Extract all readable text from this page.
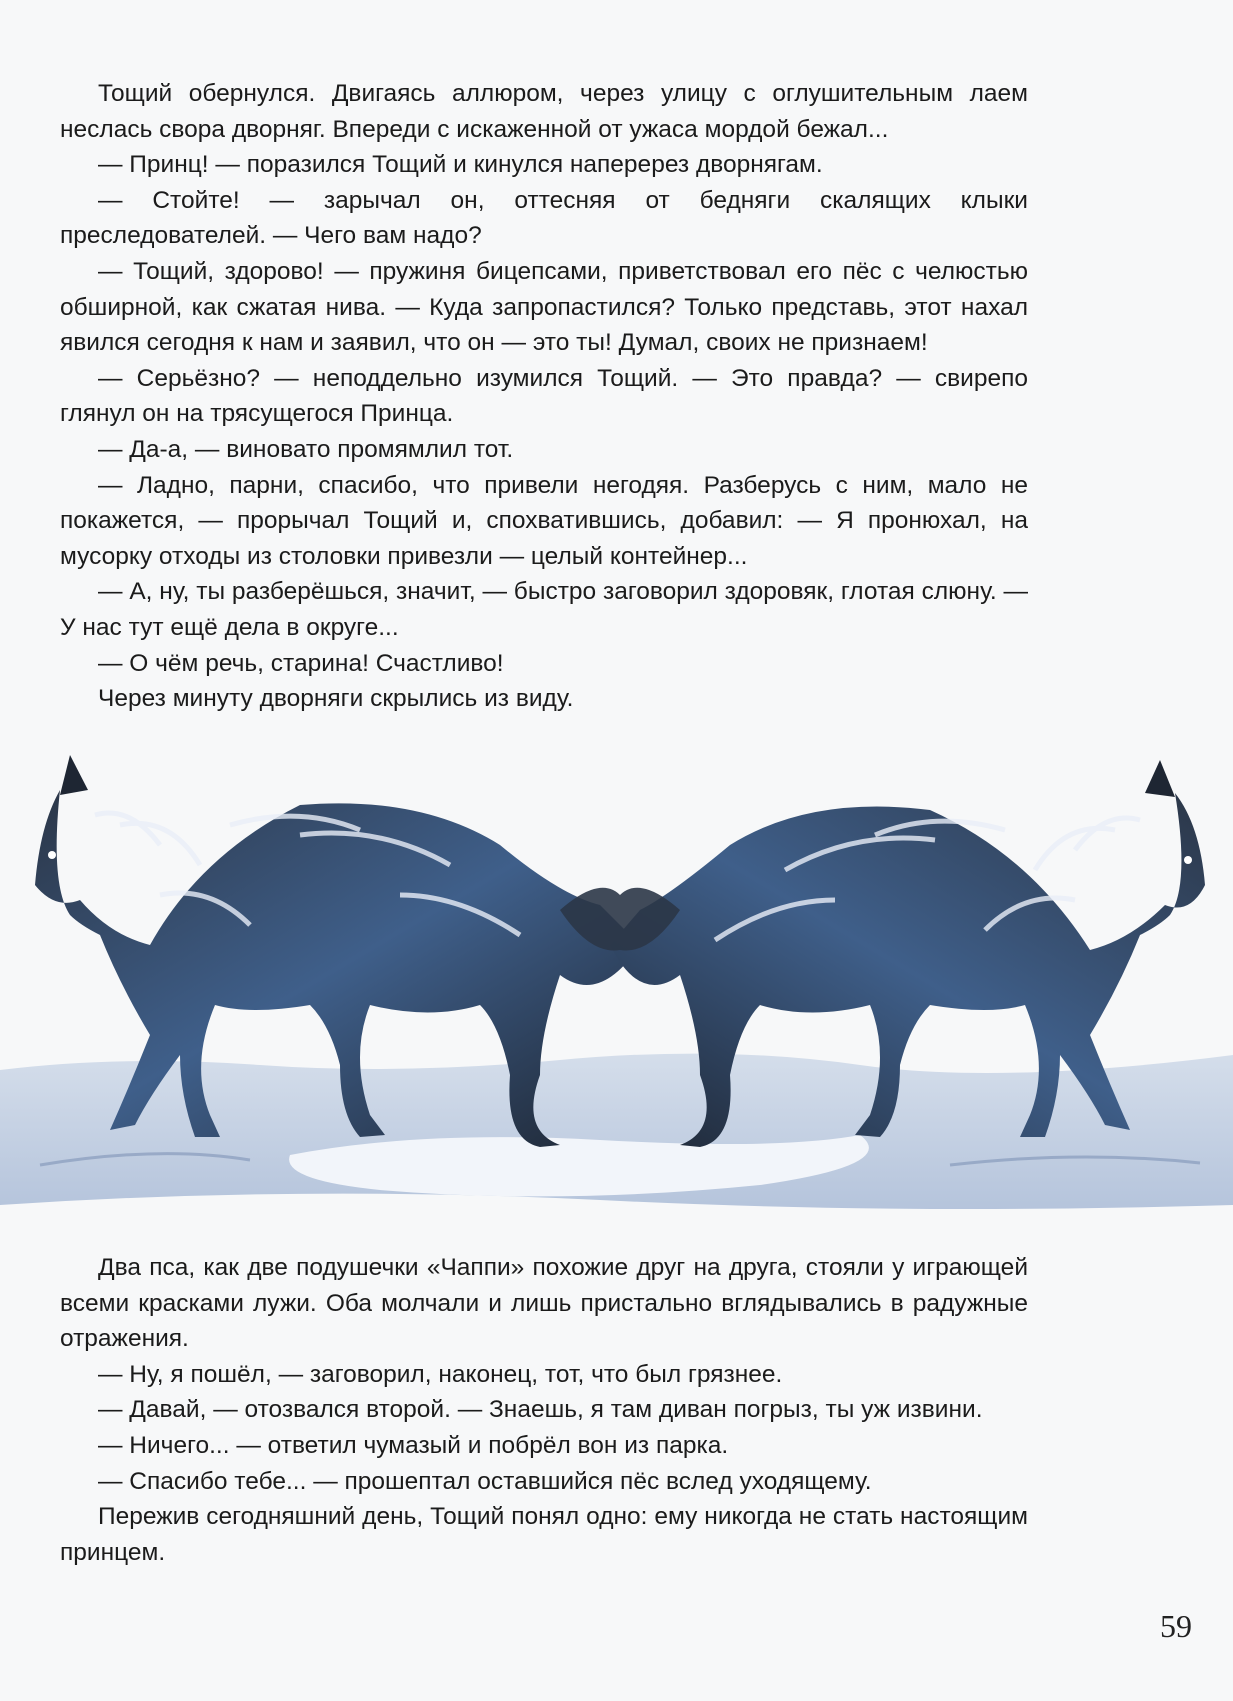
Тощий обернулся. Двигаясь аллюром, через улицу с оглушительным лаем неслась свора дворняг. Впереди с искаженной от ужаса мордой бежал...

— Принц! — поразился Тощий и кинулся наперерез дворнягам.

— Стойте! — зарычал он, оттесняя от бедняги скалящих клыки преследователей. — Чего вам надо?

— Тощий, здорово! — пружиня бицепсами, приветствовал его пёс с челюстью обширной, как сжатая нива. — Куда запропастился? Только представь, этот нахал явился сегодня к нам и заявил, что он — это ты! Думал, своих не признаем!

— Серьёзно? — неподдельно изумился Тощий. — Это правда? — свирепо глянул он на трясущегося Принца.

— Да-а, — виновато промямлил тот.

— Ладно, парни, спасибо, что привели негодяя. Разберусь с ним, мало не покажется, — прорычал Тощий и, спохватившись, добавил: — Я пронюхал, на мусорку отходы из столовки привезли — целый контейнер...

— А, ну, ты разберёшься, значит, — быстро заговорил здоровяк, глотая слюну. — У нас тут ещё дела в округе...

— О чём речь, старина! Счастливо!

Через минуту дворняги скрылись из виду.

Два пса, как две подушечки «Чаппи» похожие друг на друга, стояли у играющей всеми красками лужи. Оба молчали и лишь пристально вглядывались в радужные отражения.

— Ну, я пошёл, — заговорил, наконец, тот, что был грязнее.

— Давай, — отозвался второй. — Знаешь, я там диван погрыз, ты уж извини.

— Ничего... — ответил чумазый и побрёл вон из парка.

— Спасибо тебе... — прошептал оставшийся пёс вслед уходящему.

Пережив сегодняшний день, Тощий понял одно: ему никогда не стать настоящим принцем.

59
